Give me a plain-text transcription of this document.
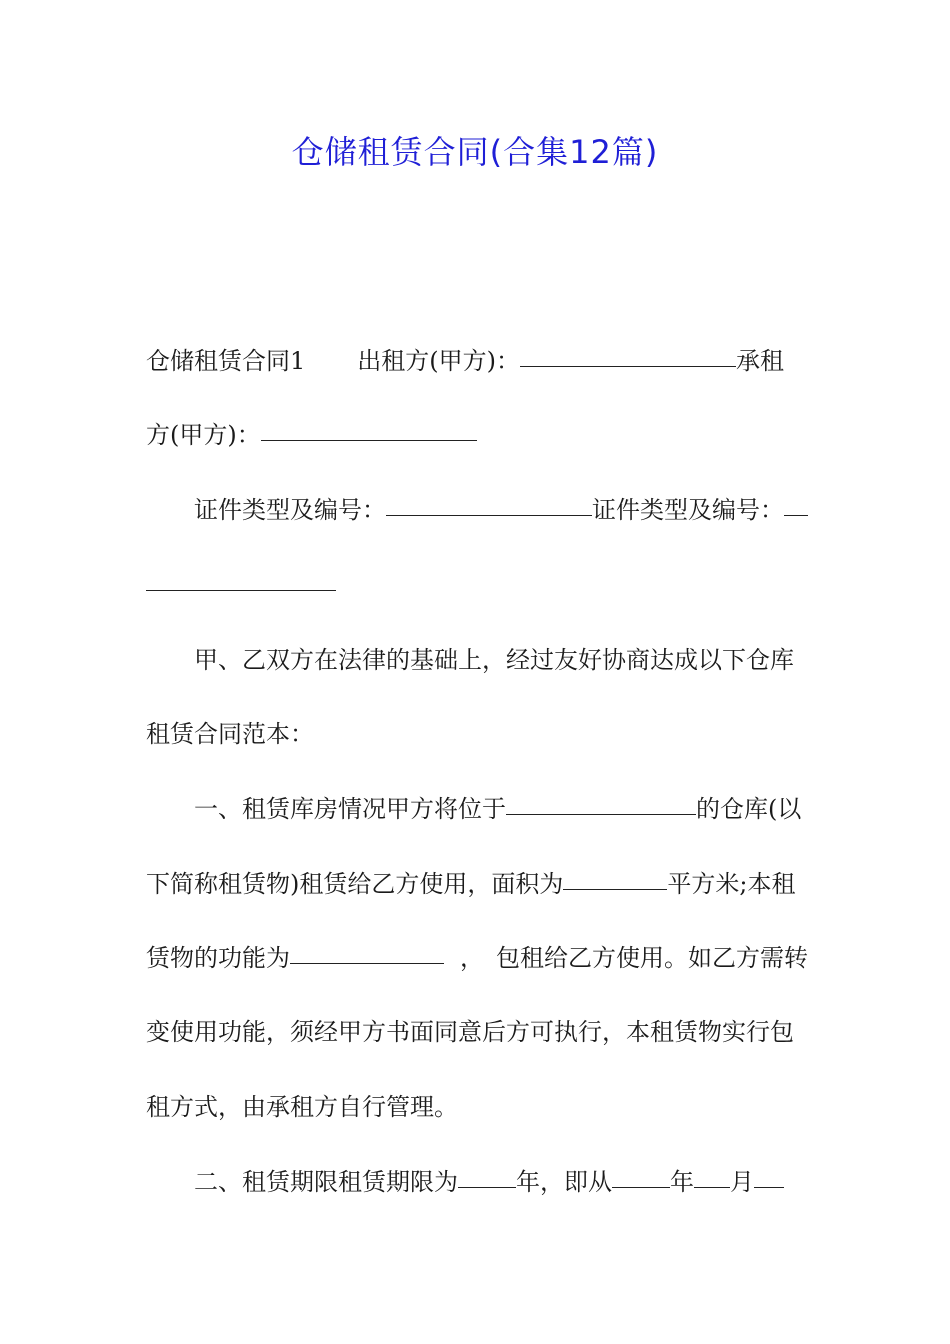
仓储租赁合同(合集12篇)
仓储租赁合同1 出租方(甲方)：	承租
方(甲方)：
证件类型及编号：	证件类型及编号：
甲、乙双方在法律的基础上，经过友好协商达成以下仓库
租赁合同范本：
一、租赁库房情况甲方将位于	的仓库(以
下简称租赁物)租赁给乙方使用，面积为	平方米;本租
赁物的功能为	， 包租给乙方使用。如乙方需转
变使用功能，须经甲方书面同意后方可执行，本租赁物实行包
租方式，由承租方自行管理。
二、租赁期限租赁期限为 年，即从 年 月
